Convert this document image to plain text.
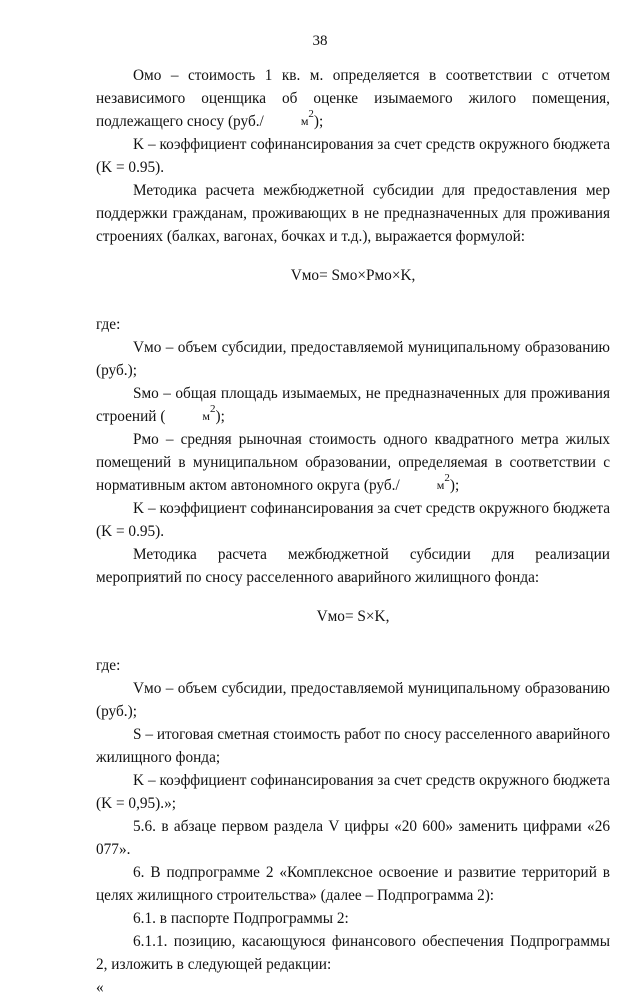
38

Омо – стоимость 1 кв. м. определяется в соответствии с отчетом независимого оценщика об оценке изымаемого жилого помещения, подлежащего сносу (руб./	м2);

K – коэффициент софинансирования за счет средств окружного бюджета (K = 0.95).

Методика расчета межбюджетной субсидии для предоставления мер поддержки гражданам, проживающих в не предназначенных для проживания строениях (балках, вагонах, бочках и т.д.), выражается формулой:

Vмо= Sмо×Pмо×K,

где:

Vмо – объем субсидии, предоставляемой муниципальному образованию (руб.);

Sмо – общая площадь изымаемых, не предназначенных для проживания строений (	м2);

Pмо – средняя рыночная стоимость одного квадратного метра жилых помещений в муниципальном образовании, определяемая в соответствии с нормативным актом автономного округа (руб./	м2);

K – коэффициент софинансирования за счет средств окружного бюджета (K = 0.95).

Методика расчета межбюджетной субсидии для реализации мероприятий по сносу расселенного аварийного жилищного фонда:

Vмо= S×K,

где:

Vмо – объем субсидии, предоставляемой муниципальному образованию (руб.);

S – итоговая сметная стоимость работ по сносу расселенного аварийного жилищного фонда;

K – коэффициент софинансирования за счет средств окружного бюджета (K = 0,95).»;

5.6. в абзаце первом раздела V цифры «20 600» заменить цифрами «26 077».

6. В подпрограмме 2 «Комплексное освоение и развитие территорий в целях жилищного строительства» (далее – Подпрограмма 2):

6.1. в паспорте Подпрограммы 2:

6.1.1. позицию, касающуюся финансового обеспечения Подпрограммы 2, изложить в следующей редакции:

«
